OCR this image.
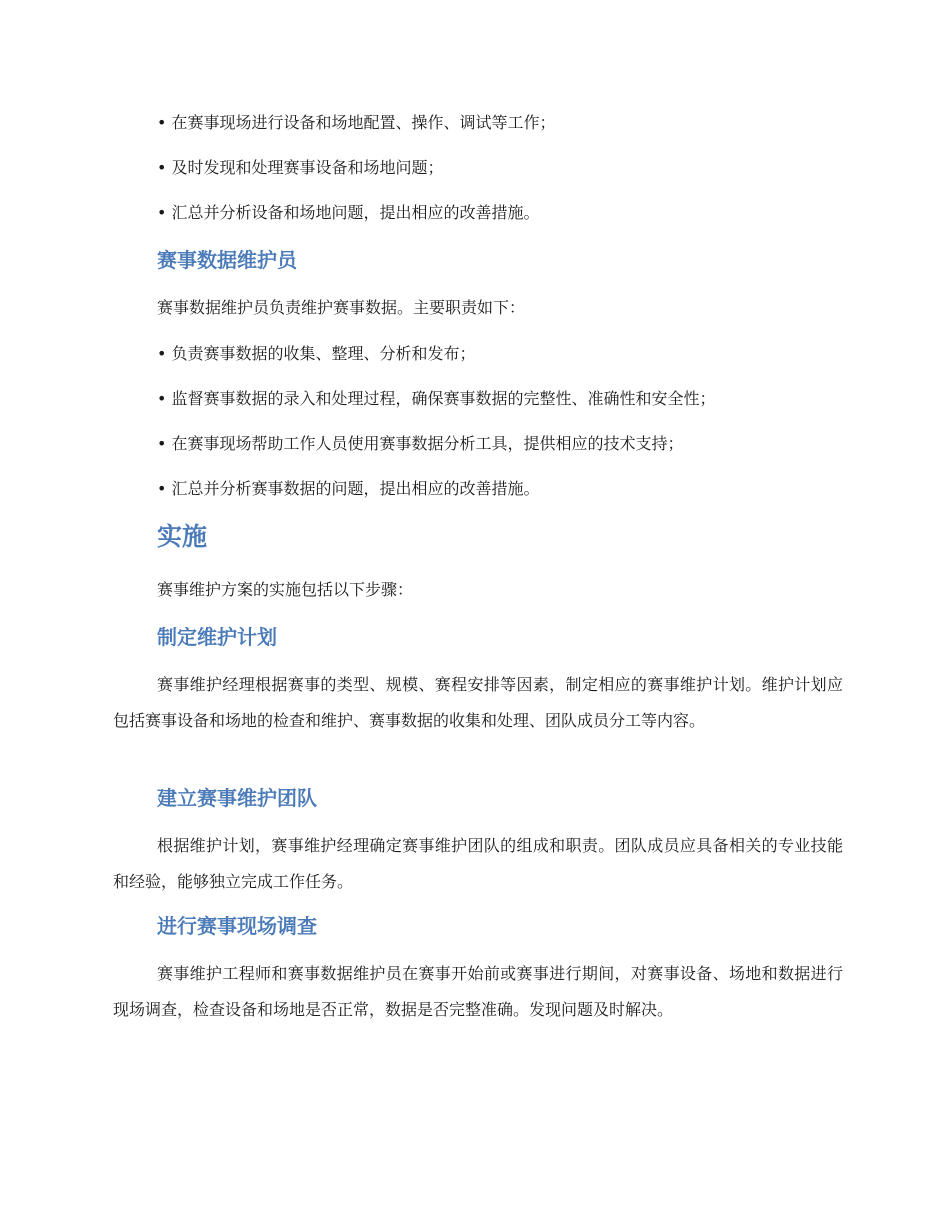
• 在赛事现场进行设备和场地配置、操作、调试等工作；
• 及时发现和处理赛事设备和场地问题；
• 汇总并分析设备和场地问题，提出相应的改善措施。
赛事数据维护员
赛事数据维护员负责维护赛事数据。主要职责如下：
• 负责赛事数据的收集、整理、分析和发布；
• 监督赛事数据的录入和处理过程，确保赛事数据的完整性、准确性和安全性；
• 在赛事现场帮助工作人员使用赛事数据分析工具，提供相应的技术支持；
• 汇总并分析赛事数据的问题，提出相应的改善措施。
实施
赛事维护方案的实施包括以下步骤：
制定维护计划
赛事维护经理根据赛事的类型、规模、赛程安排等因素，制定相应的赛事维护计划。维护计划应包括赛事设备和场地的检查和维护、赛事数据的收集和处理、团队成员分工等内容。
建立赛事维护团队
根据维护计划，赛事维护经理确定赛事维护团队的组成和职责。团队成员应具备相关的专业技能和经验，能够独立完成工作任务。
进行赛事现场调查
赛事维护工程师和赛事数据维护员在赛事开始前或赛事进行期间，对赛事设备、场地和数据进行现场调查，检查设备和场地是否正常，数据是否完整准确。发现问题及时解决。
